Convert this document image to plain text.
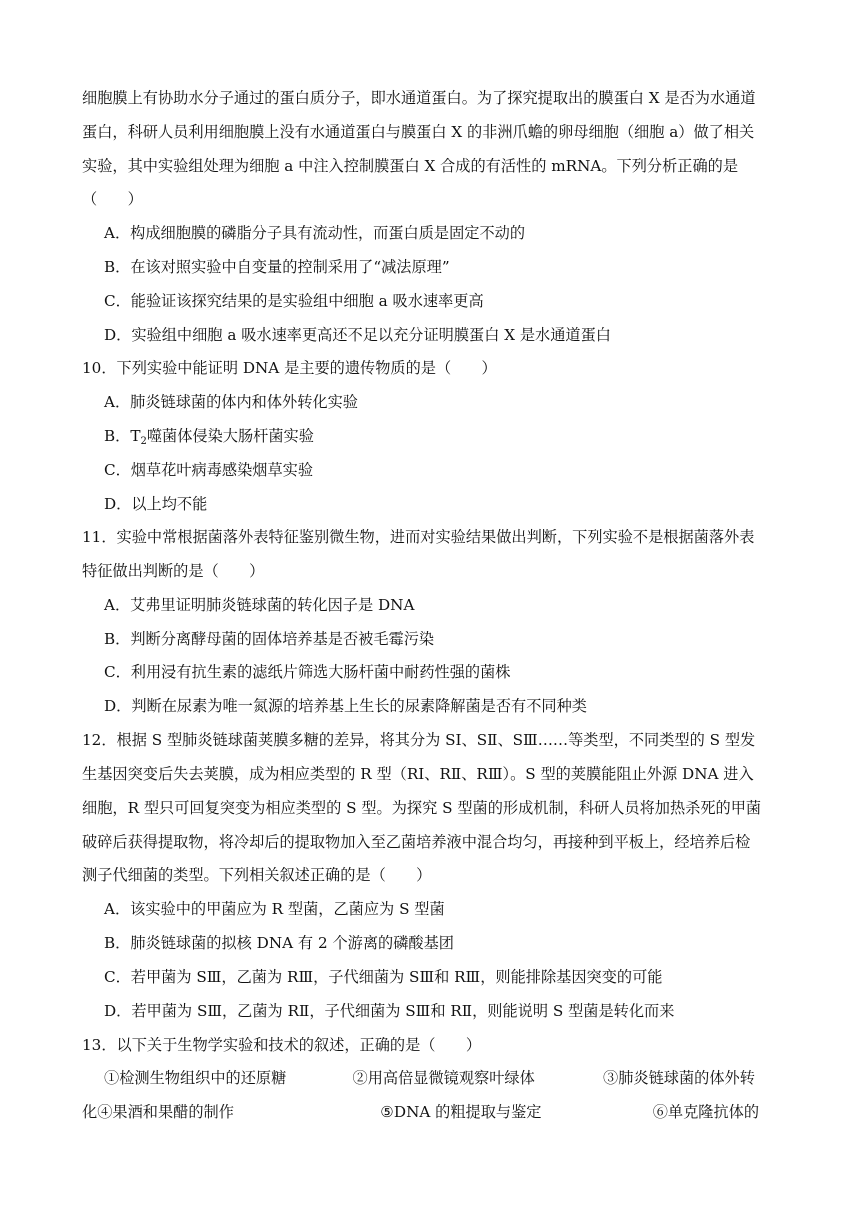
细胞膜上有协助水分子通过的蛋白质分子，即水通道蛋白。为了探究提取出的膜蛋白 X 是否为水通道
蛋白，科研人员利用细胞膜上没有水通道蛋白与膜蛋白 X 的非洲爪蟾的卵母细胞（细胞 a）做了相关
实验，其中实验组处理为细胞 a 中注入控制膜蛋白 X 合成的有活性的 mRNA。下列分析正确的是
（　　）
A．构成细胞膜的磷脂分子具有流动性，而蛋白质是固定不动的
B．在该对照实验中自变量的控制采用了“减法原理”
C．能验证该探究结果的是实验组中细胞 a 吸水速率更高
D．实验组中细胞 a 吸水速率更高还不足以充分证明膜蛋白 X 是水通道蛋白
10．下列实验中能证明 DNA 是主要的遗传物质的是（　　）
A．肺炎链球菌的体内和体外转化实验
B．$T_2$噬菌体侵染大肠杆菌实验
C．烟草花叶病毒感染烟草实验
D．以上均不能
11．实验中常根据菌落外表特征鉴别微生物，进而对实验结果做出判断，下列实验不是根据菌落外表
特征做出判断的是（　　）
A．艾弗里证明肺炎链球菌的转化因子是 DNA
B．判断分离酵母菌的固体培养基是否被毛霉污染
C．利用浸有抗生素的滤纸片筛选大肠杆菌中耐药性强的菌株
D．判断在尿素为唯一氮源的培养基上生长的尿素降解菌是否有不同种类
12．根据 S 型肺炎链球菌荚膜多糖的差异，将其分为 SⅠ、SⅡ、SⅢ……等类型，不同类型的 S 型发
生基因突变后失去荚膜，成为相应类型的 R 型（RⅠ、RⅡ、RⅢ）。S 型的荚膜能阻止外源 DNA 进入
细胞，R 型只可回复突变为相应类型的 S 型。为探究 S 型菌的形成机制，科研人员将加热杀死的甲菌
破碎后获得提取物，将冷却后的提取物加入至乙菌培养液中混合均匀，再接种到平板上，经培养后检
测子代细菌的类型。下列相关叙述正确的是（　　）
A．该实验中的甲菌应为 R 型菌，乙菌应为 S 型菌
B．肺炎链球菌的拟核 DNA 有 2 个游离的磷酸基团
C．若甲菌为 SⅢ，乙菌为 RⅢ，子代细菌为 SⅢ和 RⅢ，则能排除基因突变的可能
D．若甲菌为 SⅢ，乙菌为 RⅡ，子代细菌为 SⅢ和 RⅡ，则能说明 S 型菌是转化而来
13．以下关于生物学实验和技术的叙述，正确的是（　　）
①检测生物组织中的还原糖	②用高倍显微镜观察叶绿体	③肺炎链球菌的体外转
化④果酒和果醋的制作	⑤DNA 的粗提取与鉴定	⑥单克隆抗体的
